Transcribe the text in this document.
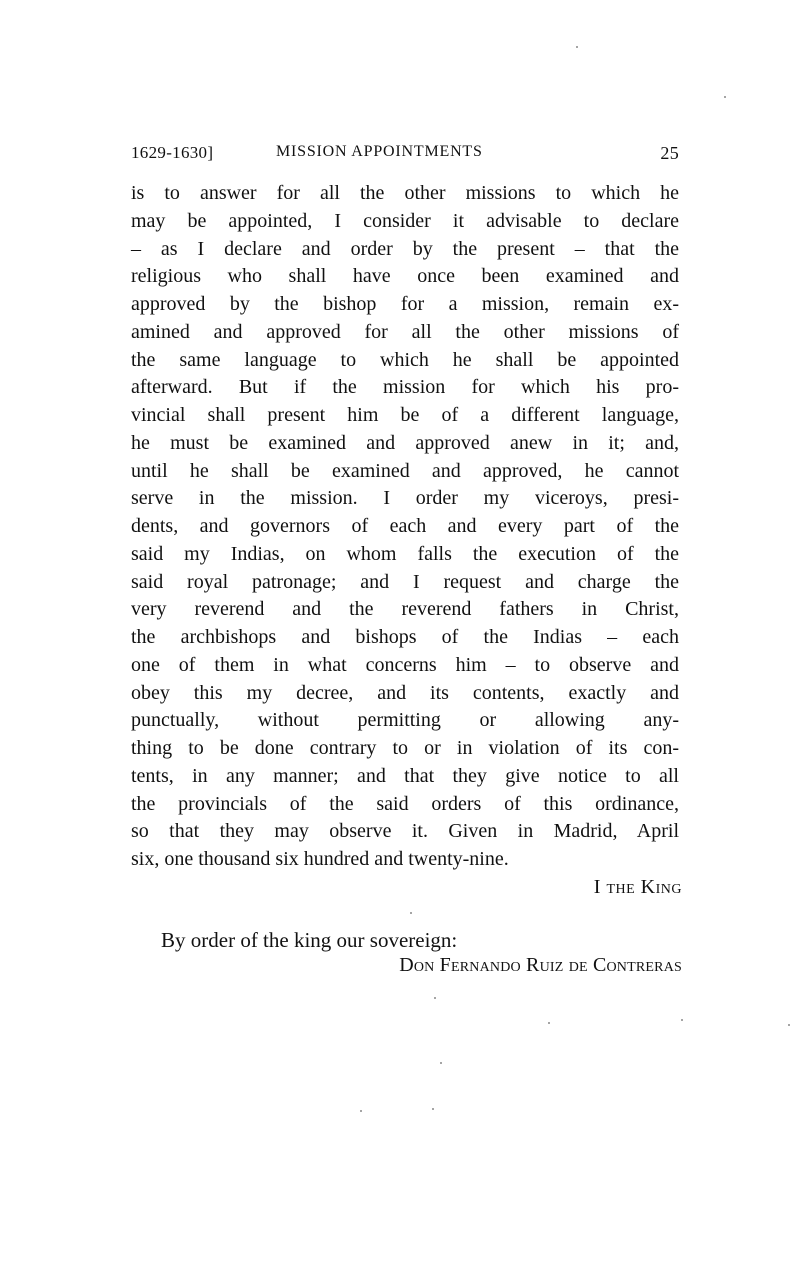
1629-1630]	MISSION APPOINTMENTS	25
is to answer for all the other missions to which he
may be appointed, I consider it advisable to declare
– as I declare and order by the present – that the
religious who shall have once been examined and
approved by the bishop for a mission, remain ex-
amined and approved for all the other missions of
the same language to which he shall be appointed
afterward. But if the mission for which his pro-
vincial shall present him be of a different language,
he must be examined and approved anew in it; and,
until he shall be examined and approved, he cannot
serve in the mission. I order my viceroys, presi-
dents, and governors of each and every part of the
said my Indias, on whom falls the execution of the
said royal patronage; and I request and charge the
very reverend and the reverend fathers in Christ,
the archbishops and bishops of the Indias – each
one of them in what concerns him – to observe and
obey this my decree, and its contents, exactly and
punctually, without permitting or allowing any-
thing to be done contrary to or in violation of its con-
tents, in any manner; and that they give notice to all
the provincials of the said orders of this ordinance,
so that they may observe it. Given in Madrid, April
six, one thousand six hundred and twenty-nine.
I the King
By order of the king our sovereign:
Don Fernando Ruiz de Contreras
